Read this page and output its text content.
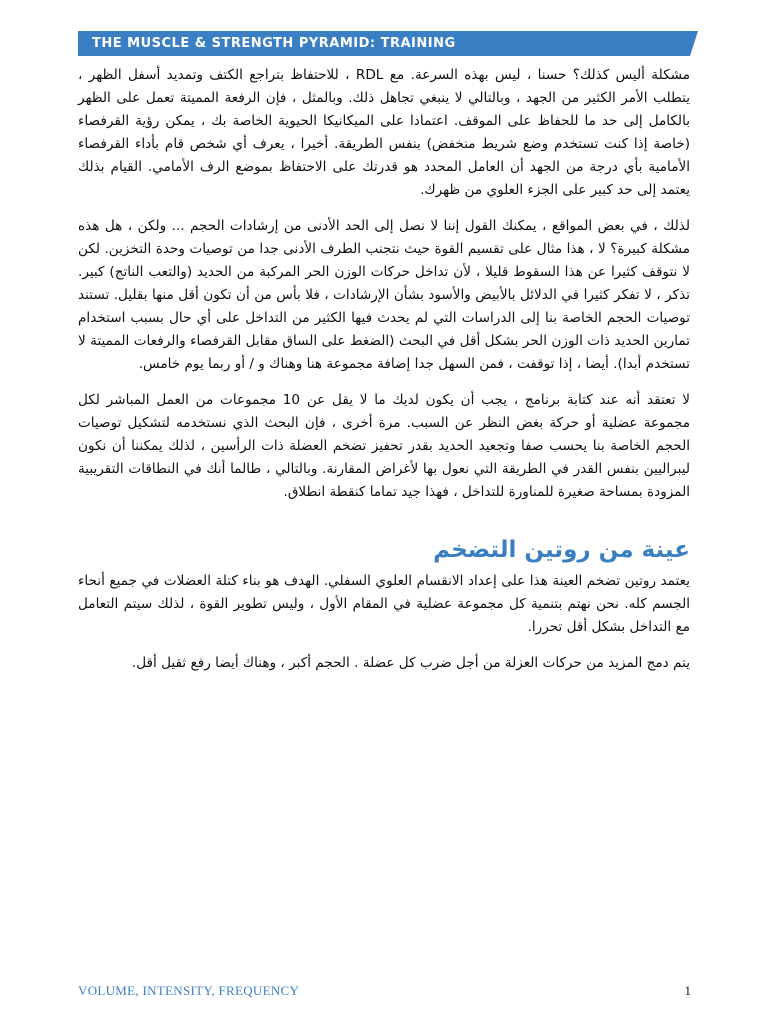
THE MUSCLE & STRENGTH PYRAMID: TRAINING

مشكلة أليس كذلك؟ حسنا ، ليس بهذه السرعة. مع RDL ، للاحتفاظ بتراجع الكتف وتمديد أسفل الظهر ، يتطلب الأمر الكثير من الجهد ، وبالتالي لا ينبغي تجاهل ذلك. وبالمثل ، فإن الرفعة المميتة تعمل على الظهر بالكامل إلى حد ما للحفاظ على الموقف. اعتمادا على الميكانيكا الحيوية الخاصة بك ، يمكن رؤية القرفصاء (خاصة إذا كنت تستخدم وضع شريط منخفض) بنفس الطريقة. أخيرا ، يعرف أي شخص قام بأداء القرفصاء الأمامية بأي درجة من الجهد أن العامل المحدد هو قدرتك على الاحتفاظ بموضع الرف الأمامي. القيام بذلك يعتمد إلى حد كبير على الجزء العلوي من ظهرك.

لذلك ، في بعض المواقع ، يمكنك القول إننا لا نصل إلى الحد الأدنى من إرشادات الحجم ... ولكن ، هل هذه مشكلة كبيرة؟ لا ، هذا مثال على تقسيم القوة حيث نتجنب الطرف الأدنى جدا من توصيات وحدة التخزين. لكن لا نتوقف كثيرا عن هذا السقوط قليلا ، لأن تداخل حركات الوزن الحر المركبة من الحديد (والتعب الناتج) كبير. تذكر ، لا تفكر كثيرا في الدلائل بالأبيض والأسود بشأن الإرشادات ، فلا بأس من أن تكون أقل منها بقليل. تستند توصيات الحجم الخاصة بنا إلى الدراسات التي لم يحدث فيها الكثير من التداخل على أي حال بسبب استخدام تمارين الحديد ذات الوزن الحر بشكل أقل في البحث (الضغط على الساق مقابل القرفصاء والرفعات المميتة لا تستخدم أبدا). أيضا ، إذا توقفت ، فمن السهل جدا إضافة مجموعة هنا وهناك و / أو ربما يوم خامس.

لا تعتقد أنه عند كتابة برنامج ، يجب أن يكون لديك ما لا يقل عن 10 مجموعات من العمل المباشر لكل مجموعة عضلية أو حركة بغض النظر عن السبب. مرة أخرى ، فإن البحث الذي نستخدمه لتشكيل توصيات الحجم الخاصة بنا يحسب صفا وتجعيد الحديد بقدر تحفيز تضخم العضلة ذات الرأسين ، لذلك يمكننا أن نكون ليبراليين بنفس القدر في الطريقة التي نعول بها لأغراض المقارنة. وبالتالي ، طالما أنك في النطاقات التقريبية المزودة بمساحة صغيرة للمناورة للتداخل ، فهذا جيد تماما كنقطة انطلاق.

عينة من روتين التضخم

يعتمد روتين تضخم العينة هذا على إعداد الانقسام العلوي السفلي. الهدف هو بناء كتلة العضلات في جميع أنحاء الجسم كله. نحن نهتم بتنمية كل مجموعة عضلية في المقام الأول ، وليس تطوير القوة ، لذلك سيتم التعامل مع التداخل بشكل أقل تحررا.

يتم دمج المزيد من حركات العزلة من أجل ضرب كل عضلة . الحجم أكبر ، وهناك أيضا رفع ثقيل أقل.

VOLUME, INTENSITY, FREQUENCY	1
